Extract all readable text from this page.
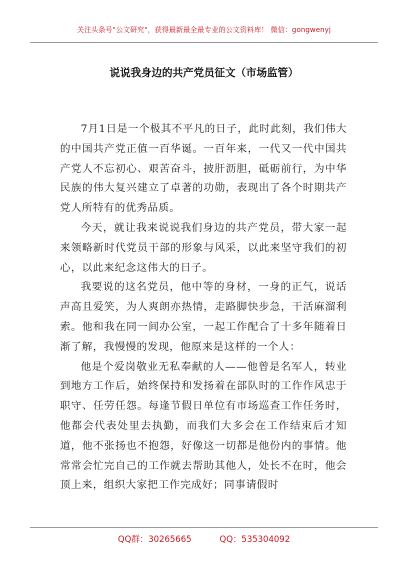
关注头条号"公文研究"，获得最新最全最专业的公文资料库！ 微信：gongwenyj
说说我身边的共产党员征文（市场监管）

7月1日是一个极其不平凡的日子，此时此刻，我们伟大的中国共产党正值一百华诞。一百年来，一代又一代中国共产党人不忘初心、艰苦奋斗，披肝沥胆，砥砺前行，为中华民族的伟大复兴建立了卓著的功勋，表现出了各个时期共产党人所特有的优秀品质。

今天，就让我来说说我们身边的共产党员，带大家一起来领略新时代党员干部的形象与风采，以此来坚守我们的初心，以此来纪念这伟大的日子。

我要说的这名党员，他中等的身材，一身的正气，说话声高且爱笑，为人爽朗亦热情，走路脚快步急，干活麻溜利索。他和我在同一间办公室，一起工作配合了十多年随着日渐了解，我慢慢的发现，他原来是这样的一个人：

他是个爱岗敬业无私奉献的人——他曾是名军人，转业到地方工作后，始终保持和发扬着在部队时的工作作风忠于职守、任劳任怨。每逢节假日单位有市场巡查工作任务时，他都会代表处里去执勤，而我们大多会在工作结束后才知道，他不张扬也不抱怨，好像这一切都是他份内的事情。他常常会忙完自己的工作就去帮助其他人，处长不在时，他会顶上来，组织大家把工作完成好；同事请假时

QQ群：30265665	QQ：535304092
